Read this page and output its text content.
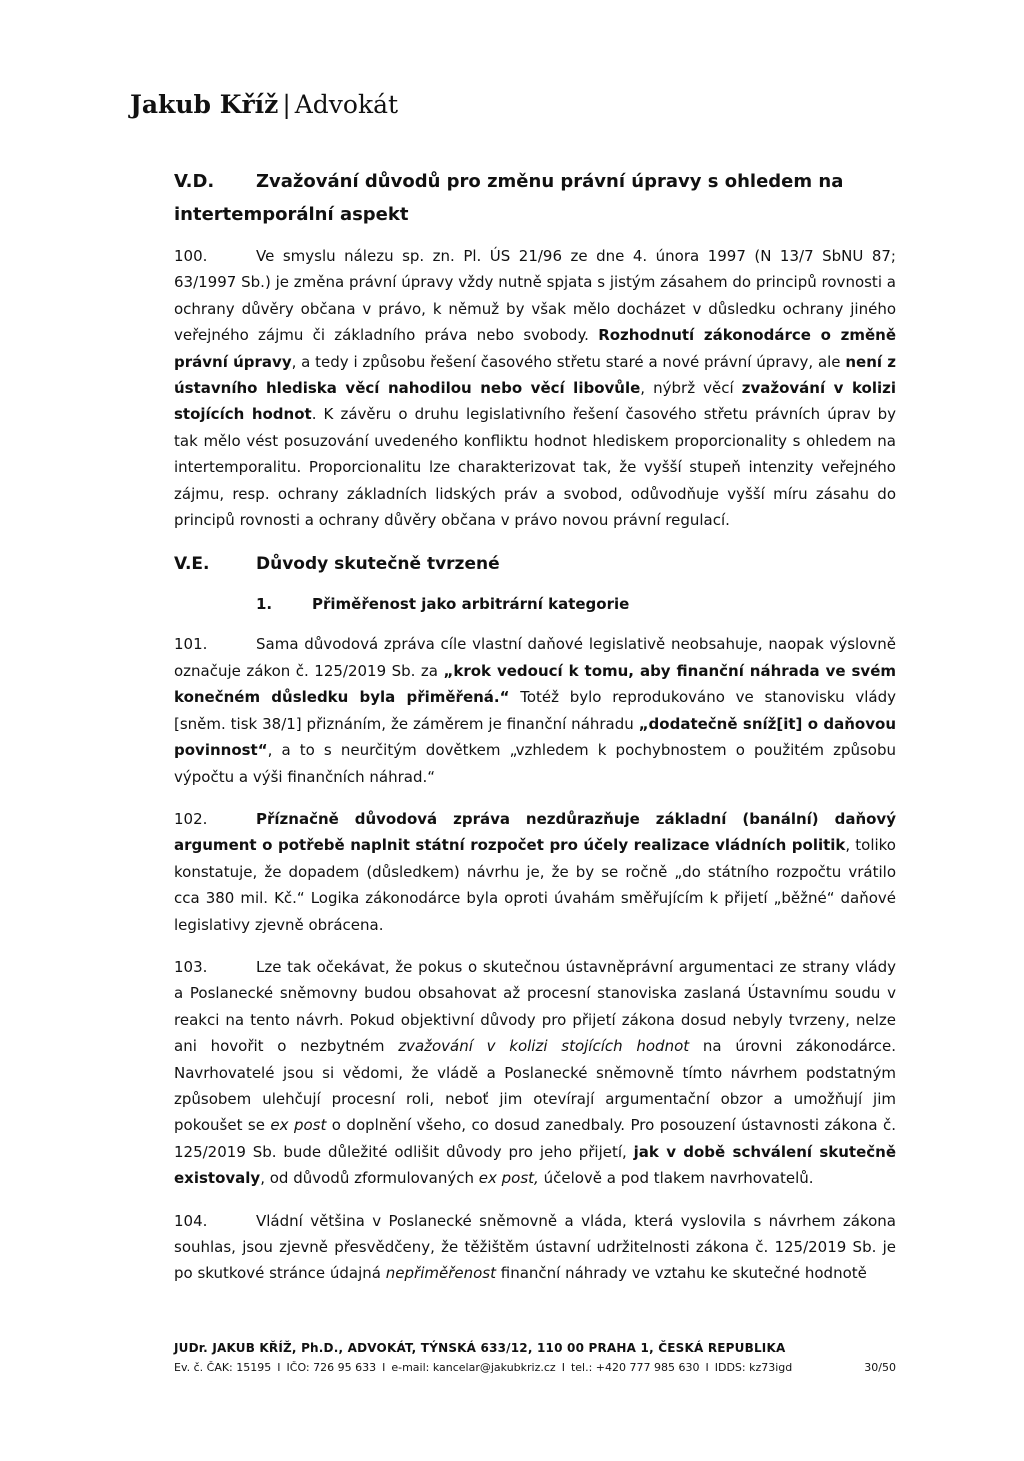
Jakub Kříž | Advokát
V.D. Zvažování důvodů pro změnu právní úpravy s ohledem na intertemporální aspekt

100.	Ve smyslu nálezu sp. zn. Pl. ÚS 21/96 ze dne 4. února 1997 (N 13/7 SbNU 87; 63/1997 Sb.) je změna právní úpravy vždy nutně spjata s jistým zásahem do principů rovnosti a ochrany důvěry občana v právo, k němuž by však mělo docházet v důsledku ochrany jiného veřejného zájmu či základního práva nebo svobody. Rozhodnutí zákonodárce o změně právní úpravy, a tedy i způsobu řešení časového střetu staré a nové právní úpravy, ale není z ústavního hlediska věcí nahodilou nebo věcí libovůle, nýbrž věcí zvažování v kolizi stojících hodnot. K závěru o druhu legislativního řešení časového střetu právních úprav by tak mělo vést posuzování uvedeného konfliktu hodnot hlediskem proporcionality s ohledem na intertemporalitu. Proporcionalitu lze charakterizovat tak, že vyšší stupeň intenzity veřejného zájmu, resp. ochrany základních lidských práv a svobod, odůvodňuje vyšší míru zásahu do principů rovnosti a ochrany důvěry občana v právo novou právní regulací.

V.E.	Důvody skutečně tvrzené
1.	Přiměřenost jako arbitrární kategorie

101.	Sama důvodová zpráva cíle vlastní daňové legislativě neobsahuje, naopak výslovně označuje zákon č. 125/2019 Sb. za „krok vedoucí k tomu, aby finanční náhrada ve svém konečném důsledku byla přiměřená.“ Totéž bylo reprodukováno ve stanovisku vlády [sněm. tisk 38/1] přiznáním, že záměrem je finanční náhradu „dodatečně sníž[it] o daňovou povinnost“, a to s neurčitým dovětkem „vzhledem k pochybnostem o použitém způsobu výpočtu a výši finančních náhrad.“

102.	Příznačně důvodová zpráva nezdůrazňuje základní (banální) daňový argument o potřebě naplnit státní rozpočet pro účely realizace vládních politik, toliko konstatuje, že dopadem (důsledkem) návrhu je, že by se ročně „do státního rozpočtu vrátilo cca 380 mil. Kč.“ Logika zákonodárce byla oproti úvahám směřujícím k přijetí „běžné“ daňové legislativy zjevně obrácena.

103.	Lze tak očekávat, že pokus o skutečnou ústavněprávní argumentaci ze strany vlády a Poslanecké sněmovny budou obsahovat až procesní stanoviska zaslaná Ústavnímu soudu v reakci na tento návrh. Pokud objektivní důvody pro přijetí zákona dosud nebyly tvrzeny, nelze ani hovořit o nezbytném zvažování v kolizi stojících hodnot na úrovni zákonodárce. Navrhovatelé jsou si vědomi, že vládě a Poslanecké sněmovně tímto návrhem podstatným způsobem ulehčují procesní roli, neboť jim otevírají argumentační obzor a umožňují jim pokoušet se ex post o doplnění všeho, co dosud zanedbaly. Pro posouzení ústavnosti zákona č. 125/2019 Sb. bude důležité odlišit důvody pro jeho přijetí, jak v době schválení skutečně existovaly, od důvodů zformulovaných ex post, účelově a pod tlakem navrhovatelů.

104.	Vládní většina v Poslanecké sněmovně a vláda, která vyslovila s návrhem zákona souhlas, jsou zjevně přesvědčeny, že těžištěm ústavní udržitelnosti zákona č. 125/2019 Sb. je po skutkové stránce údajná nepřiměřenost finanční náhrady ve vztahu ke skutečné hodnotě

JUDr. JAKUB KŘÍŽ, Ph.D., ADVOKÁT, TÝNSKÁ 633/12, 110 00 PRAHA 1, ČESKÁ REPUBLIKA
Ev. č. ČAK: 15195 I IČO: 726 95 633 I e-mail: kancelar@jakubkriz.cz I tel.: +420 777 985 630 I IDDS: kz73igd	30/50
